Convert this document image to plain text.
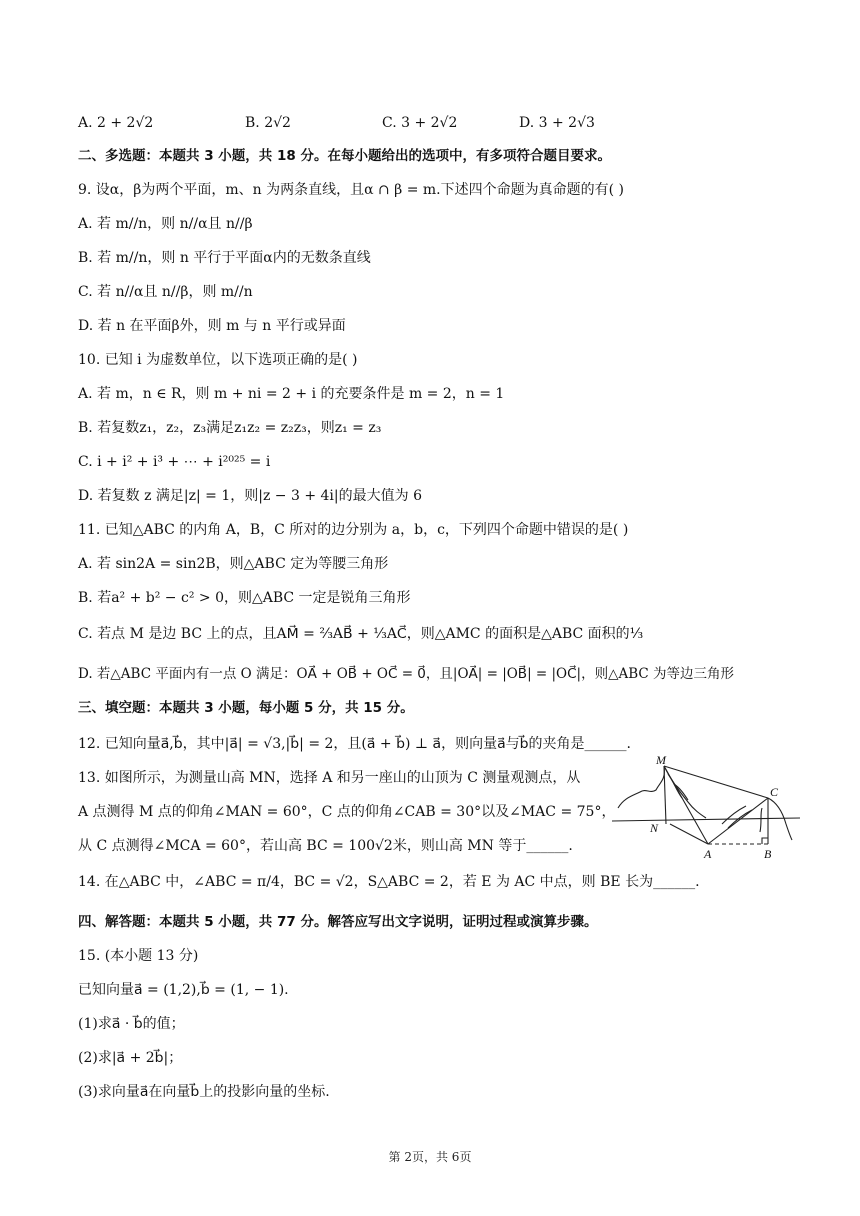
A. 2 + 2√2	B. 2√2	C. 3 + 2√2	D. 3 + 2√3
二、多选题：本题共 3 小题，共 18 分。在每小题给出的选项中，有多项符合题目要求。
9. 设α，β为两个平面，m、n 为两条直线，且α ∩ β = m.下述四个命题为真命题的有( )
A. 若 m//n，则 n//α且 n//β
B. 若 m//n，则 n 平行于平面α内的无数条直线
C. 若 n//α且 n//β，则 m//n
D. 若 n 在平面β外，则 m 与 n 平行或异面
10. 已知 i 为虚数单位，以下选项正确的是( )
A. 若 m，n ∈ R，则 m + ni = 2 + i 的充要条件是 m = 2，n = 1
B. 若复数z₁，z₂，z₃满足z₁z₂ = z₂z₃，则z₁ = z₃
C. i + i² + i³ + ⋯ + i²⁰²⁵ = i
D. 若复数 z 满足|z| = 1，则|z − 3 + 4i|的最大值为 6
11. 已知△ABC 的内角 A，B，C 所对的边分别为 a，b，c，下列四个命题中错误的是( )
A. 若 sin2A = sin2B，则△ABC 定为等腰三角形
B. 若a² + b² − c² > 0，则△ABC 一定是锐角三角形
C. 若点 M 是边 BC 上的点，且AM⃗ = ⅔AB⃗ + ⅓AC⃗，则△AMC 的面积是△ABC 面积的⅓
D. 若△ABC 平面内有一点 O 满足：OA⃗ + OB⃗ + OC⃗ = 0⃗，且|OA⃗| = |OB⃗| = |OC⃗|，则△ABC 为等边三角形
三、填空题：本题共 3 小题，每小题 5 分，共 15 分。
12. 已知向量a⃗,b⃗，其中|a⃗| = √3,|b⃗| = 2，且(a⃗ + b⃗) ⊥ a⃗，则向量a⃗与b⃗的夹角是______.
13. 如图所示，为测量山高 MN，选择 A 和另一座山的山顶为 C 测量观测点，从
A 点测得 M 点的仰角∠MAN = 60°，C 点的仰角∠CAB = 30°以及∠MAC = 75°，
从 C 点测得∠MCA = 60°，若山高 BC = 100√2米，则山高 MN 等于______.
M
N
A	B
C
14. 在△ABC 中，∠ABC = π/4，BC = √2，S△ABC = 2，若 E 为 AC 中点，则 BE 长为______.
四、解答题：本题共 5 小题，共 77 分。解答应写出文字说明，证明过程或演算步骤。
15. (本小题 13 分)
已知向量a⃗ = (1,2),b⃗ = (1, − 1).
(1)求a⃗ · b⃗的值；
(2)求|a⃗ + 2b⃗|；
(3)求向量a⃗在向量b⃗上的投影向量的坐标.
第 2页，共 6页
